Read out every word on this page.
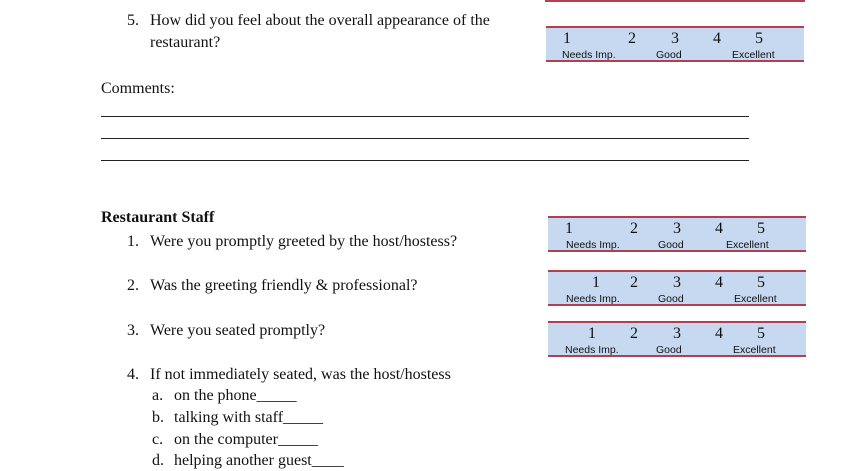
5. How did you feel about the overall appearance of the
restaurant?	1	2 3 4 5
Needs Imp.	Good	Excellent
Comments:
Restaurant Staff
1. Were you promptly greeted by the host/hostess?
1	2 3 4 5
Needs Imp.	Good	Excellent
2. Was the greeting friendly & professional?	1 2 3 4 5
Needs Imp.	Good	Excellent
3. Were you seated promptly?	1 2 3 4 5
Needs Imp.	Good	Excellent
4. If not immediately seated, was the host/hostess
a. on the phone_____
b. talking with staff_____
c. on the computer_____
d. helping another guest____
